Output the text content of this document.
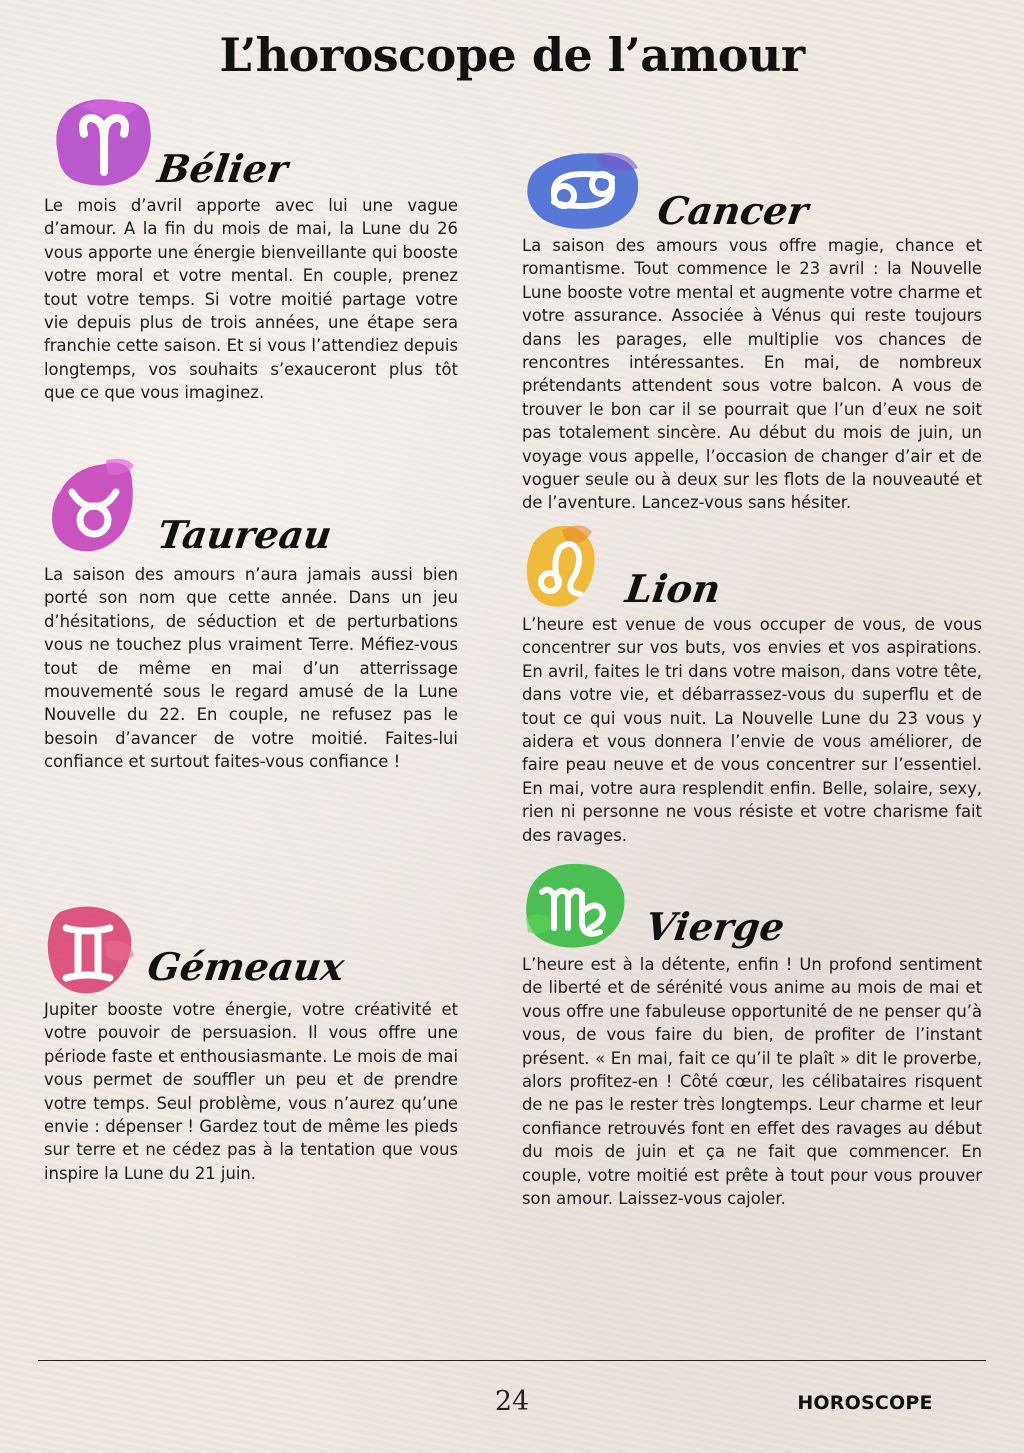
L’horoscope de l’amour
Bélier
Le mois d’avril apporte avec lui une vague d’amour. A la fin du mois de mai, la Lune du 26 vous apporte une énergie bienveillante qui booste votre moral et votre mental. En couple, prenez tout votre temps. Si votre moitié partage votre vie depuis plus de trois années, une étape sera franchie cette saison. Et si vous l’attendiez depuis longtemps, vos souhaits s’exauceront plus tôt que ce que vous imaginez.
Taureau
La saison des amours n’aura jamais aussi bien porté son nom que cette année. Dans un jeu d’hésitations, de séduction et de perturbations vous ne touchez plus vraiment Terre. Méfiez-vous tout de même en mai d’un atterrissage mouvementé sous le regard amusé de la Lune Nouvelle du 22. En couple, ne refusez pas le besoin d’avancer de votre moitié. Faites-lui confiance et surtout faites-vous confiance !
Gémeaux
Jupiter booste votre énergie, votre créativité et votre pouvoir de persuasion. Il vous offre une période faste et enthousiasmante. Le mois de mai vous permet de souffler un peu et de prendre votre temps. Seul problème, vous n’aurez qu’une envie : dépenser ! Gardez tout de même les pieds sur terre et ne cédez pas à la tentation que vous inspire la Lune du 21 juin.
Cancer
La saison des amours vous offre magie, chance et romantisme. Tout commence le 23 avril : la Nouvelle Lune booste votre mental et augmente votre charme et votre assurance. Associée à Vénus qui reste toujours dans les parages, elle multiplie vos chances de rencontres intéressantes. En mai, de nombreux prétendants attendent sous votre balcon. A vous de trouver le bon car il se pourrait que l’un d’eux ne soit pas totalement sincère. Au début du mois de juin, un voyage vous appelle, l’occasion de changer d’air et de voguer seule ou à deux sur les flots de la nouveauté et de l’aventure. Lancez-vous sans hésiter.
Lion
L’heure est venue de vous occuper de vous, de vous concentrer sur vos buts, vos envies et vos aspirations. En avril, faites le tri dans votre maison, dans votre tête, dans votre vie, et débarrassez-vous du superflu et de tout ce qui vous nuit. La Nouvelle Lune du 23 vous y aidera et vous donnera l’envie de vous améliorer, de faire peau neuve et de vous concentrer sur l’essentiel. En mai, votre aura resplendit enfin. Belle, solaire, sexy, rien ni personne ne vous résiste et votre charisme fait des ravages.
Vierge
L’heure est à la détente, enfin ! Un profond sentiment de liberté et de sérénité vous anime au mois de mai et vous offre une fabuleuse opportunité de ne penser qu’à vous, de vous faire du bien, de profiter de l’instant présent. « En mai, fait ce qu’il te plaît » dit le proverbe, alors profitez-en ! Côté cœur, les célibataires risquent de ne pas le rester très longtemps. Leur charme et leur confiance retrouvés font en effet des ravages au début du mois de juin et ça ne fait que commencer. En couple, votre moitié est prête à tout pour vous prouver son amour. Laissez-vous cajoler.
24	HOROSCOPE
